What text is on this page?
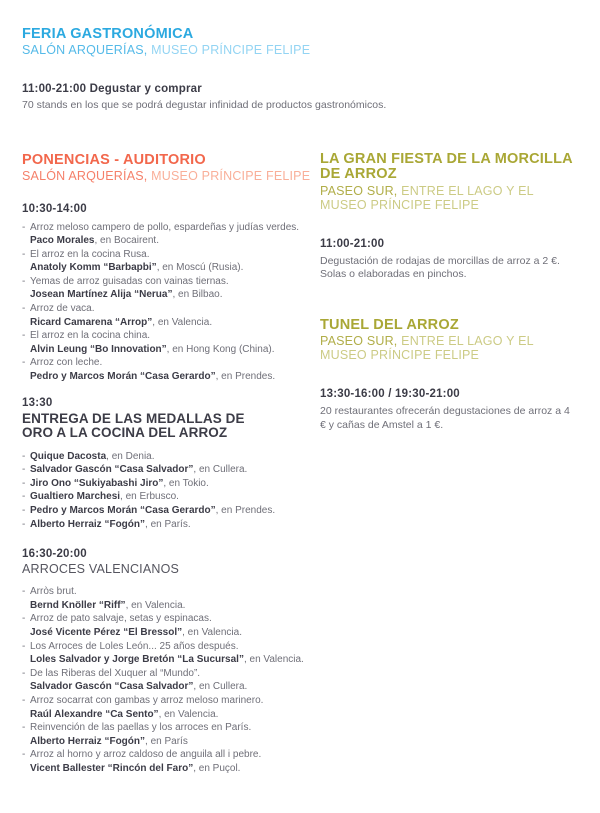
FERIA GASTRONÓMICA
SALÓN ARQUERÍAS, MUSEO PRÍNCIPE FELIPE
11:00-21:00 Degustar y comprar

70 stands en los que se podrá degustar infinidad de productos gastronómicos.

PONENCIAS - AUDITORIO
SALÓN ARQUERÍAS, MUSEO PRÍNCIPE FELIPE
10:30-14:00
- Arroz meloso campero de pollo, espardeñas y judías verdes.
Paco Morales, en Bocairent.
- El arroz en la cocina Rusa.
Anatoly Komm “Barbapbi”, en Moscú (Rusia).
- Yemas de arroz guisadas con vainas tiernas.
Josean Martínez Alija “Nerua”, en Bilbao.
- Arroz de vaca.
Ricard Camarena “Arrop”, en Valencia.
- El arroz en la cocina china.
Alvin Leung “Bo Innovation”, en Hong Kong (China).
- Arroz con leche.
Pedro y Marcos Morán “Casa Gerardo”, en Prendes.
13:30
ENTREGA DE LAS MEDALLAS DE ORO A LA COCINA DEL ARROZ
- Quique Dacosta , en Denia.
- Salvador Gascón “Casa Salvador” , en Cullera.
- Jiro Ono “Sukiyabashi Jiro” , en Tokio.
- Gualtiero Marchesi , en Erbusco.
- Pedro y Marcos Morán “Casa Gerardo” , en Prendes.
- Alberto Herraiz “Fogón” , en París.
16:30-20:00
ARROCES VALENCIANOS
- Arròs brut.
Bernd Knöller “Riff”, en Valencia.
- Arroz de pato salvaje, setas y espinacas.
José Vicente Pérez “El Bressol”, en Valencia.
- Los Arroces de Loles León... 25 años después.
Loles Salvador y Jorge Bretón “La Sucursal”, en Valencia.
- De las Riberas del Xuquer al “Mundo”.
Salvador Gascón “Casa Salvador”, en Cullera.
- Arroz socarrat con gambas y arroz meloso marinero.
Raúl Alexandre “Ca Sento”, en Valencia.
- Reinvención de las paellas y los arroces en París.
Alberto Herraiz “Fogón”, en París
- Arroz al horno y arroz caldoso de anguila all i pebre.
Vicent Ballester “Rincón del Faro”, en Puçol.
LA GRAN FIESTA DE LA MORCILLA DE ARROZ
PASEO SUR, ENTRE EL LAGO Y EL MUSEO PRÍNCIPE FELIPE
11:00-21:00

Degustación de rodajas de morcillas de arroz a 2 €. Solas o elaboradas en pinchos.

TUNEL DEL ARROZ
PASEO SUR, ENTRE EL LAGO Y EL MUSEO PRÍNCIPE FELIPE
13:30-16:00 / 19:30-21:00

20 restaurantes ofrecerán degustaciones de arroz a 4 € y cañas de Amstel a 1 €.
